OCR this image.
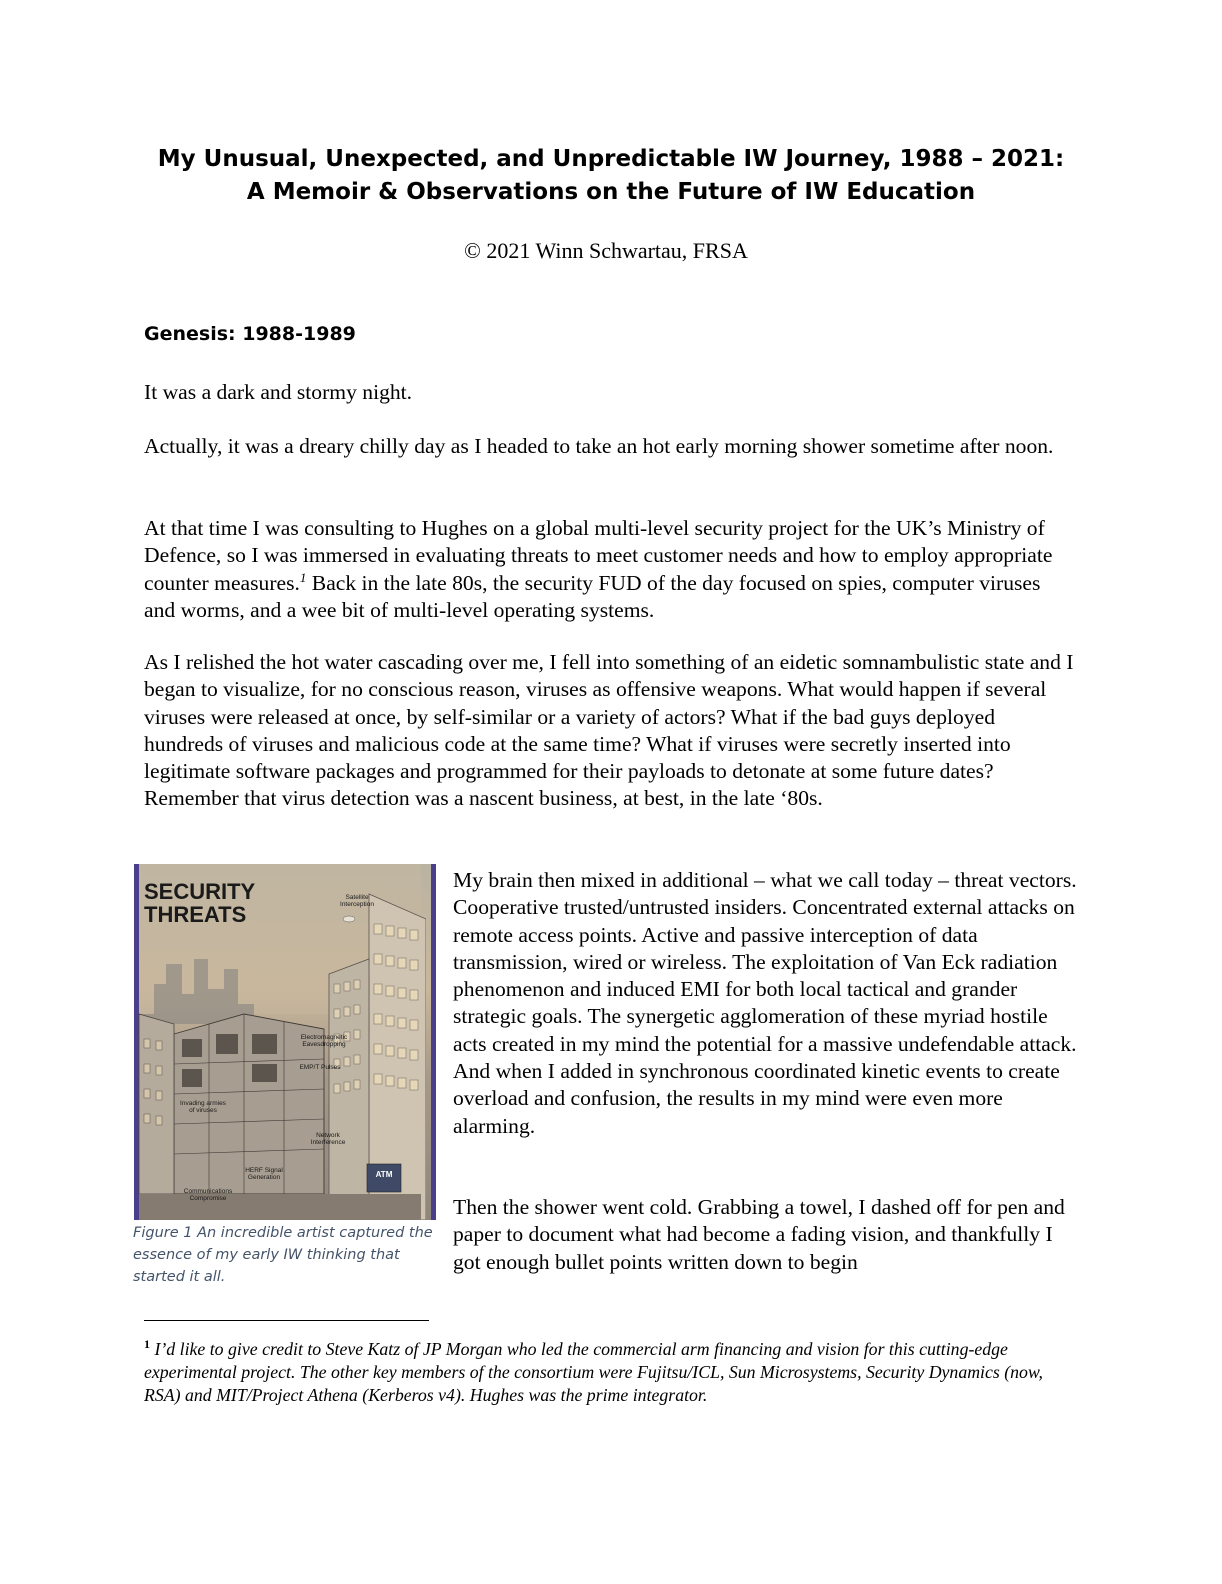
My Unusual, Unexpected, and Unpredictable IW Journey, 1988 – 2021:
A Memoir & Observations on the Future of IW Education
© 2021 Winn Schwartau, FRSA
Genesis: 1988-1989

It was a dark and stormy night.

Actually, it was a dreary chilly day as I headed to take an hot early morning shower sometime after noon.

At that time I was consulting to Hughes on a global multi-level security project for the UK’s Ministry of Defence, so I was immersed in evaluating threats to meet customer needs and how to employ appropriate counter measures.$^1$ Back in the late 80s, the security FUD of the day focused on spies, computer viruses and worms, and a wee bit of multi-level operating systems.

As I relished the hot water cascading over me, I fell into something of an eidetic somnambulistic state and I began to visualize, for no conscious reason, viruses as offensive weapons. What would happen if several viruses were released at once, by self-similar or a variety of actors? What if the bad guys deployed hundreds of viruses and malicious code at the same time? What if viruses were secretly inserted into legitimate software packages and programmed for their payloads to detonate at some future dates? Remember that virus detection was a nascent business, at best, in the late ‘80s.

ATM
SECURITY
THREATS
Satellite Interception
Electromagnetic Eavesdropping
EMP/T Pulses
Invading armies of viruses
Network Interference
HERF Signal Generation
Communications Compromise
Figure 1 An incredible artist captured the essence of my early IW thinking that started it all.

My brain then mixed in additional – what we call today – threat vectors. Cooperative trusted/untrusted insiders. Concentrated external attacks on remote access points. Active and passive interception of data transmission, wired or wireless. The exploitation of Van Eck radiation phenomenon and induced EMI for both local tactical and grander strategic goals. The synergetic agglomeration of these myriad hostile acts created in my mind the potential for a massive undefendable attack. And when I added in synchronous coordinated kinetic events to create overload and confusion, the results in my mind were even more alarming.

Then the shower went cold. Grabbing a towel, I dashed off for pen and paper to document what had become a fading vision, and thankfully I got enough bullet points written down to begin

$^1$ I’d like to give credit to Steve Katz of JP Morgan who led the commercial arm financing and vision for this cutting-edge experimental project. The other key members of the consortium were Fujitsu/ICL, Sun Microsystems, Security Dynamics (now, RSA) and MIT/Project Athena (Kerberos v4). Hughes was the prime integrator.
